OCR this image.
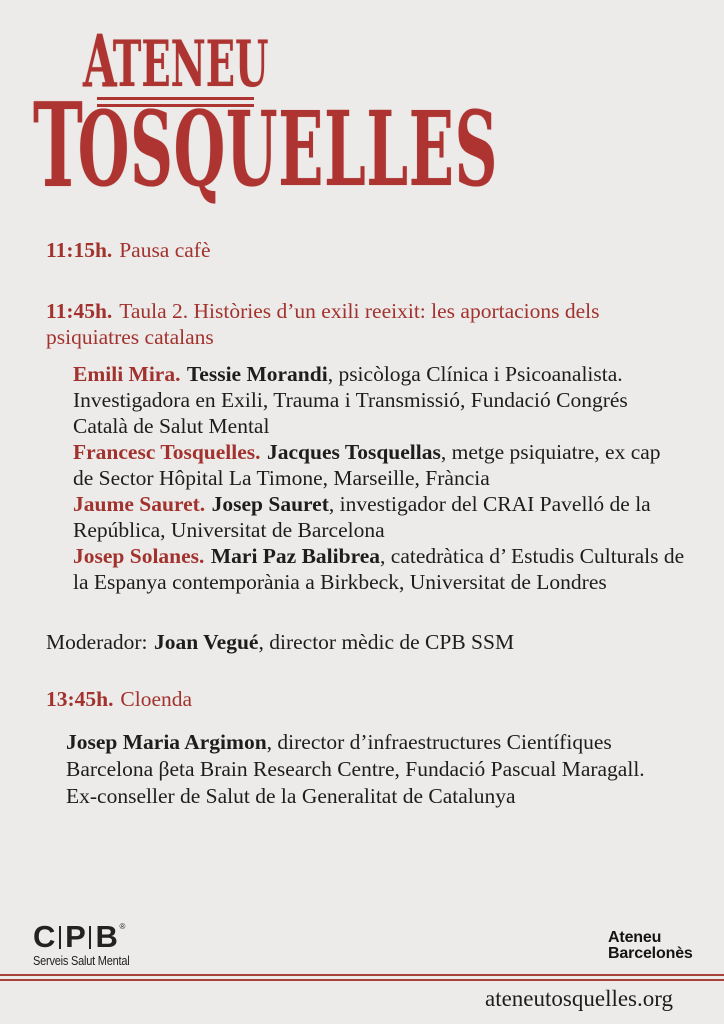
ATENEU
TOSQUELLES

11:15h. Pausa cafè

11:45h. Taula 2. Històries d’un exili reeixit: les aportacions dels psiquiatres catalans

Emili Mira. Tessie Morandi, psicòloga Clínica i Psicoanalista. Investigadora en Exili, Trauma i Transmissió, Fundació Congrés Català de Salut Mental

Francesc Tosquelles. Jacques Tosquellas, metge psiquiatre, ex cap de Sector Hôpital La Timone, Marseille, Frància

Jaume Sauret. Josep Sauret, investigador del CRAI Pavelló de la República, Universitat de Barcelona

Josep Solanes. Mari Paz Balibrea, catedràtica d’ Estudis Culturals de la Espanya contemporània a Birkbeck, Universitat de Londres

Moderador: Joan Vegué, director mèdic de CPB SSM

13:45h. Cloenda

Josep Maria Argimon, director d’infraestructures Científiques Barcelona βeta Brain Research Centre, Fundació Pascual Maragall. Ex-conseller de Salut de la Generalitat de Catalunya

C P B ®
Serveis Salut Mental
Ateneu
Barcelonès
ateneutosquelles.org
